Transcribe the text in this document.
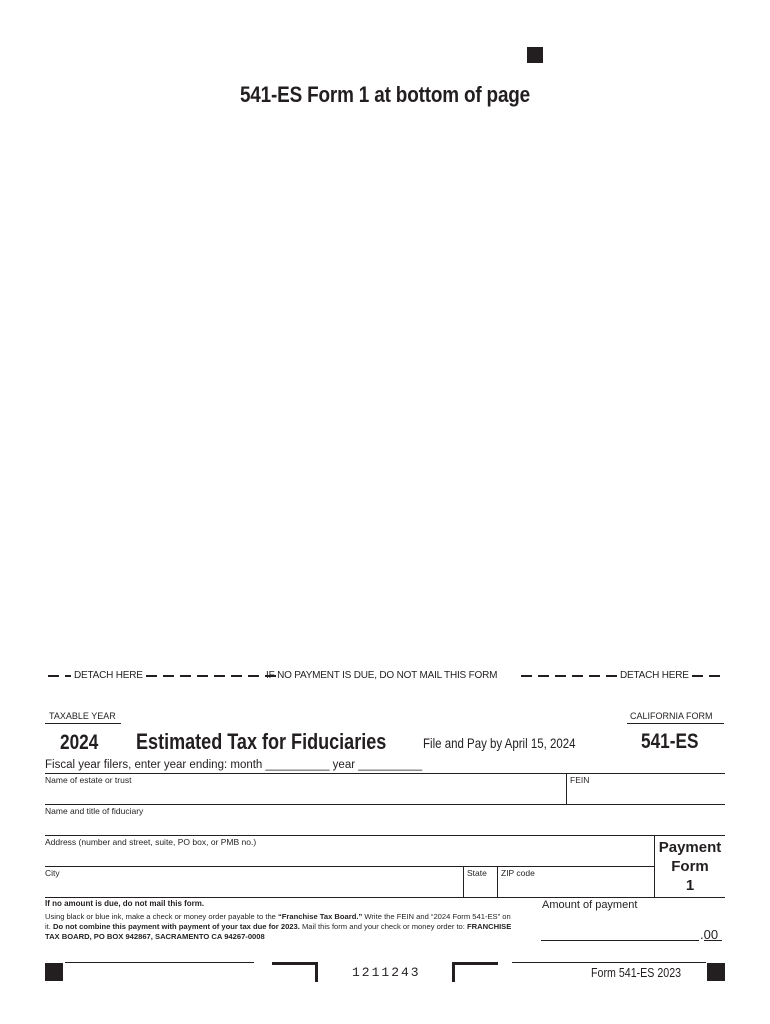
541-ES Form 1 at bottom of page
DETACH HERE	IF NO PAYMENT IS DUE, DO NOT MAIL THIS FORM	DETACH HERE
TAXABLE YEAR	CALIFORNIA FORM
2024	Estimated Tax for Fiduciaries	File and Pay by April 15, 2024	541-ES
Fiscal year filers, enter year ending: month __________ year __________
Name of estate or trust	FEIN
Name and title of fiduciary
Address (number and street, suite, PO box, or PMB no.)
City	State ZIP code
Payment
Form
1
If no amount is due, do not mail this form.
Using black or blue ink, make a check or money order payable to the “Franchise Tax Board.” Write the FEIN and “2024 Form 541-ES” on it. Do not combine this payment with payment of your tax due for 2023. Mail this form and your check or money order to: FRANCHISE TAX BOARD, PO BOX 942867, SACRAMENTO CA 94267-0008
Amount of payment
.00
1211243	Form 541-ES 2023
